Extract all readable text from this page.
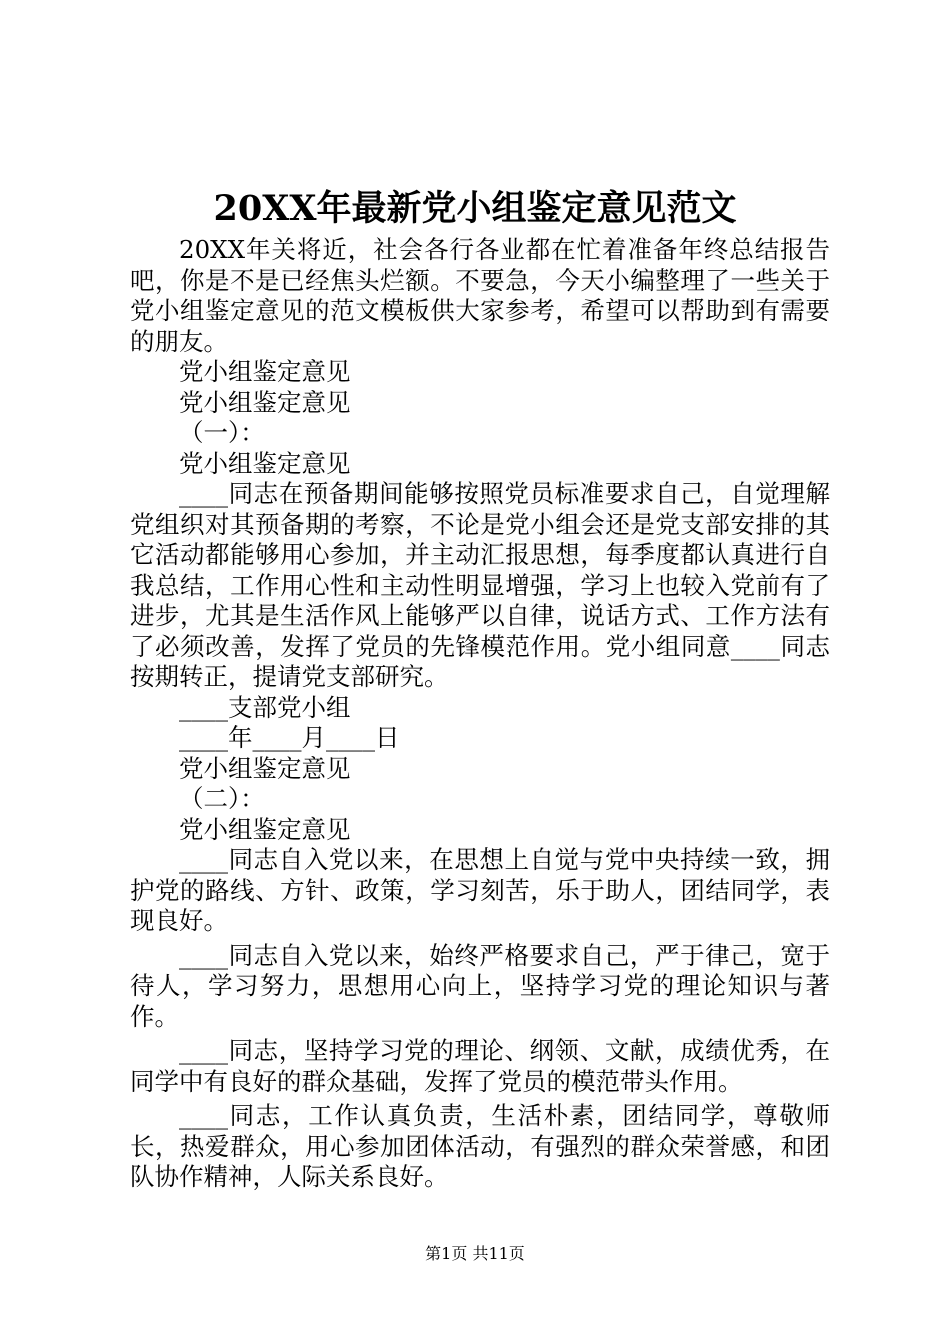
20XX年最新党小组鉴定意见范文

20XX年关将近，社会各行各业都在忙着准备年终总结报告吧，你是不是已经焦头烂额。不要急，今天小编整理了一些关于党小组鉴定意见的范文模板供大家参考，希望可以帮助到有需要的朋友。

党小组鉴定意见

党小组鉴定意见

（一）：

党小组鉴定意见

____同志在预备期间能够按照党员标准要求自己，自觉理解党组织对其预备期的考察，不论是党小组会还是党支部安排的其它活动都能够用心参加，并主动汇报思想，每季度都认真进行自我总结，工作用心性和主动性明显增强，学习上也较入党前有了进步，尤其是生活作风上能够严以自律，说话方式、工作方法有了必须改善，发挥了党员的先锋模范作用。党小组同意____同志按期转正，提请党支部研究。

____支部党小组

____年____月____日

党小组鉴定意见

（二）：

党小组鉴定意见

____同志自入党以来，在思想上自觉与党中央持续一致，拥护党的路线、方针、政策，学习刻苦，乐于助人，团结同学，表现良好。

____同志自入党以来，始终严格要求自己，严于律己，宽于待人，学习努力，思想用心向上，坚持学习党的理论知识与著作。

____同志，坚持学习党的理论、纲领、文献，成绩优秀，在同学中有良好的群众基础，发挥了党员的模范带头作用。

____同志，工作认真负责，生活朴素，团结同学，尊敬师长，热爱群众，用心参加团体活动，有强烈的群众荣誉感，和团队协作精神，人际关系良好。

第1页 共11页
